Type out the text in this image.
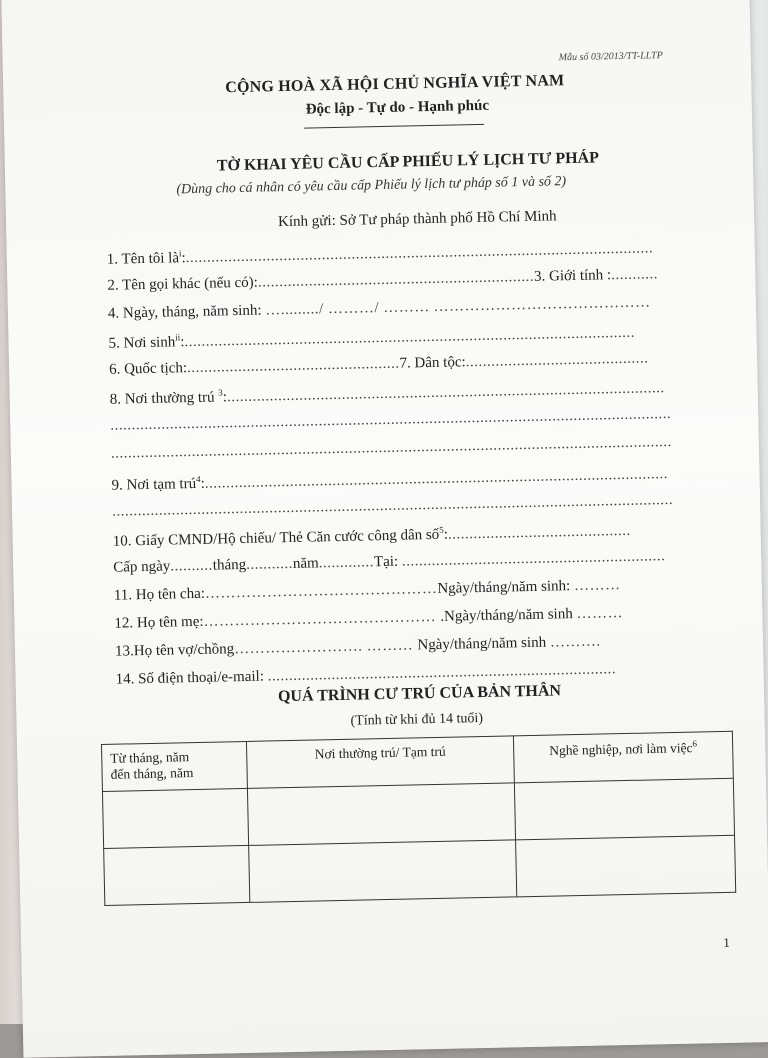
Mẫu số 03/2013/TT-LLTP
CỘNG HOÀ XÃ HỘI CHỦ NGHĨA VIỆT NAM
Độc lập - Tự do - Hạnh phúc
TỜ KHAI YÊU CẦU CẤP PHIẾU LÝ LỊCH TƯ PHÁP
(Dùng cho cá nhân có yêu cầu cấp Phiếu lý lịch tư pháp số 1 và số 2)
Kính gửi: Sở Tư pháp thành phố Hồ Chí Minh
1. Tên tôi $là^i$:..............................................................................................................
2. Tên gọi khác (nếu có):.................................................................3. Giới tính :...........
4. Ngày, tháng, năm sinh: …........./ ………/ ……… ……………………………………
5. Nơi $\sinh^{ii}$:..........................................................................................................
6. Quốc tịch:..................................................7. Dân tộc:...........................................
8. Nơi thường trú $^3$:.......................................................................................................
....................................................................................................................................
....................................................................................................................................
9. Nơi tạm trú$^4$:.............................................................................................................
....................................................................................................................................
10. Giấy CMND/Hộ chiếu/ Thẻ Căn cước công dân số$^5$:...........................................
Cấp ngày..........tháng...........năm.............Tại: ..............................................................
11. Họ tên cha:………………………………………Ngày/tháng/năm sinh: ………
12. Họ tên mẹ:……………………………………… .Ngày/tháng/năm sinh ………
13.Họ tên vợ/chồng……………………. ……… Ngày/tháng/năm sinh ……….
14. Số điện thoại/e-mail: ..................................................................................
QUÁ TRÌNH CƯ TRÚ CỦA BẢN THÂN
(Tính từ khi đủ 14 tuổi)
Từ tháng, năm
đến tháng, năm	Nơi thường trú/ Tạm trú	Nghề nghiệp, nơi làm việc$^6$

1
